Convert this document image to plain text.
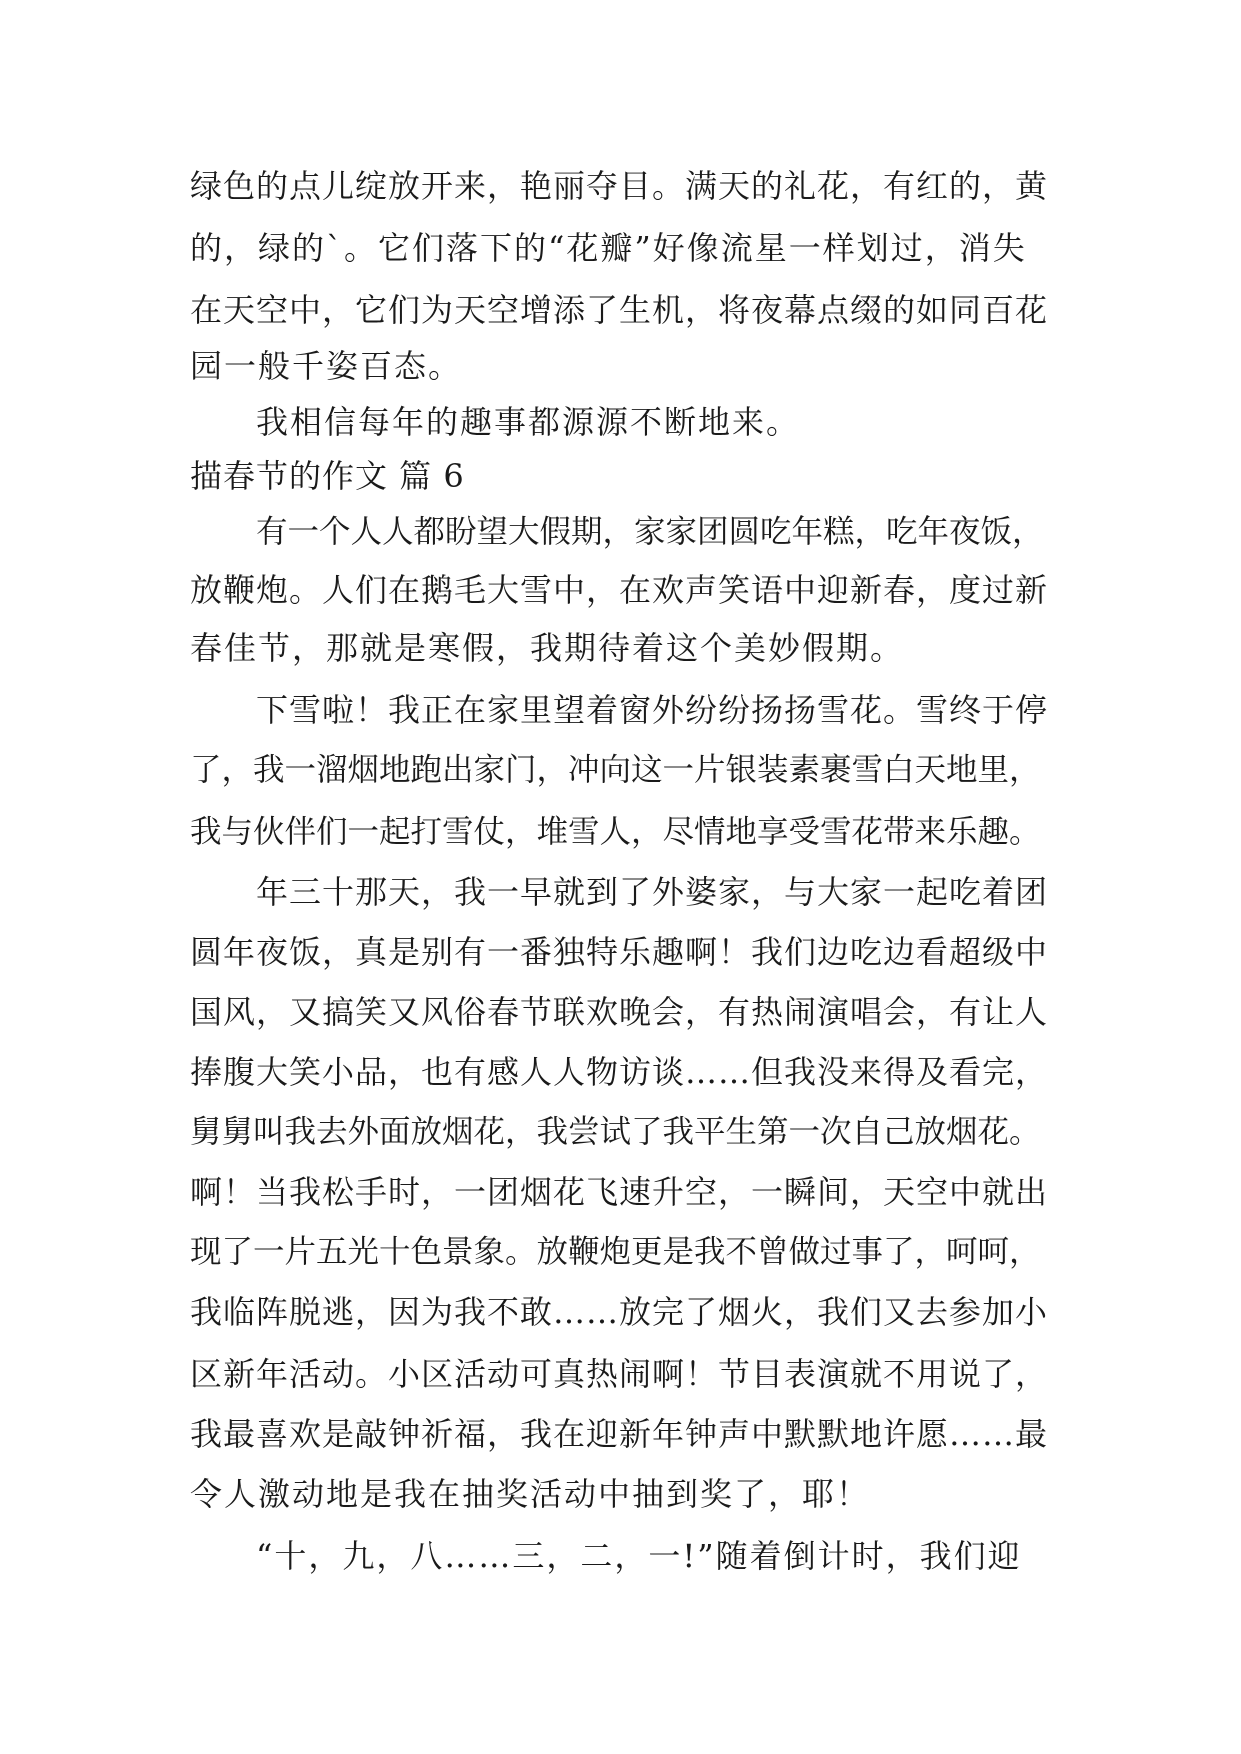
绿色的点儿绽放开来，艳丽夺目。满天的礼花，有红的，黄
的，绿的`。它们落下的“花瓣”好像流星一样划过，消失
在天空中，它们为天空增添了生机，将夜幕点缀的如同百花
园一般千姿百态。
我相信每年的趣事都源源不断地来。
描春节的作文 篇 6
有一个人人都盼望大假期，家家团圆吃年糕，吃年夜饭，
放鞭炮。人们在鹅毛大雪中，在欢声笑语中迎新春，度过新
春佳节，那就是寒假，我期待着这个美妙假期。
下雪啦！我正在家里望着窗外纷纷扬扬雪花。雪终于停
了，我一溜烟地跑出家门，冲向这一片银装素裹雪白天地里，
我与伙伴们一起打雪仗，堆雪人，尽情地享受雪花带来乐趣。
年三十那天，我一早就到了外婆家，与大家一起吃着团
圆年夜饭，真是别有一番独特乐趣啊！我们边吃边看超级中
国风，又搞笑又风俗春节联欢晚会，有热闹演唱会，有让人
捧腹大笑小品，也有感人人物访谈……但我没来得及看完，
舅舅叫我去外面放烟花，我尝试了我平生第一次自己放烟花。
啊！当我松手时，一团烟花飞速升空，一瞬间，天空中就出
现了一片五光十色景象。放鞭炮更是我不曾做过事了，呵呵，
我临阵脱逃，因为我不敢……放完了烟火，我们又去参加小
区新年活动。小区活动可真热闹啊！节目表演就不用说了，
我最喜欢是敲钟祈福，我在迎新年钟声中默默地许愿……最
令人激动地是我在抽奖活动中抽到奖了，耶！
“十，九，八……三，二，一!”随着倒计时，我们迎
